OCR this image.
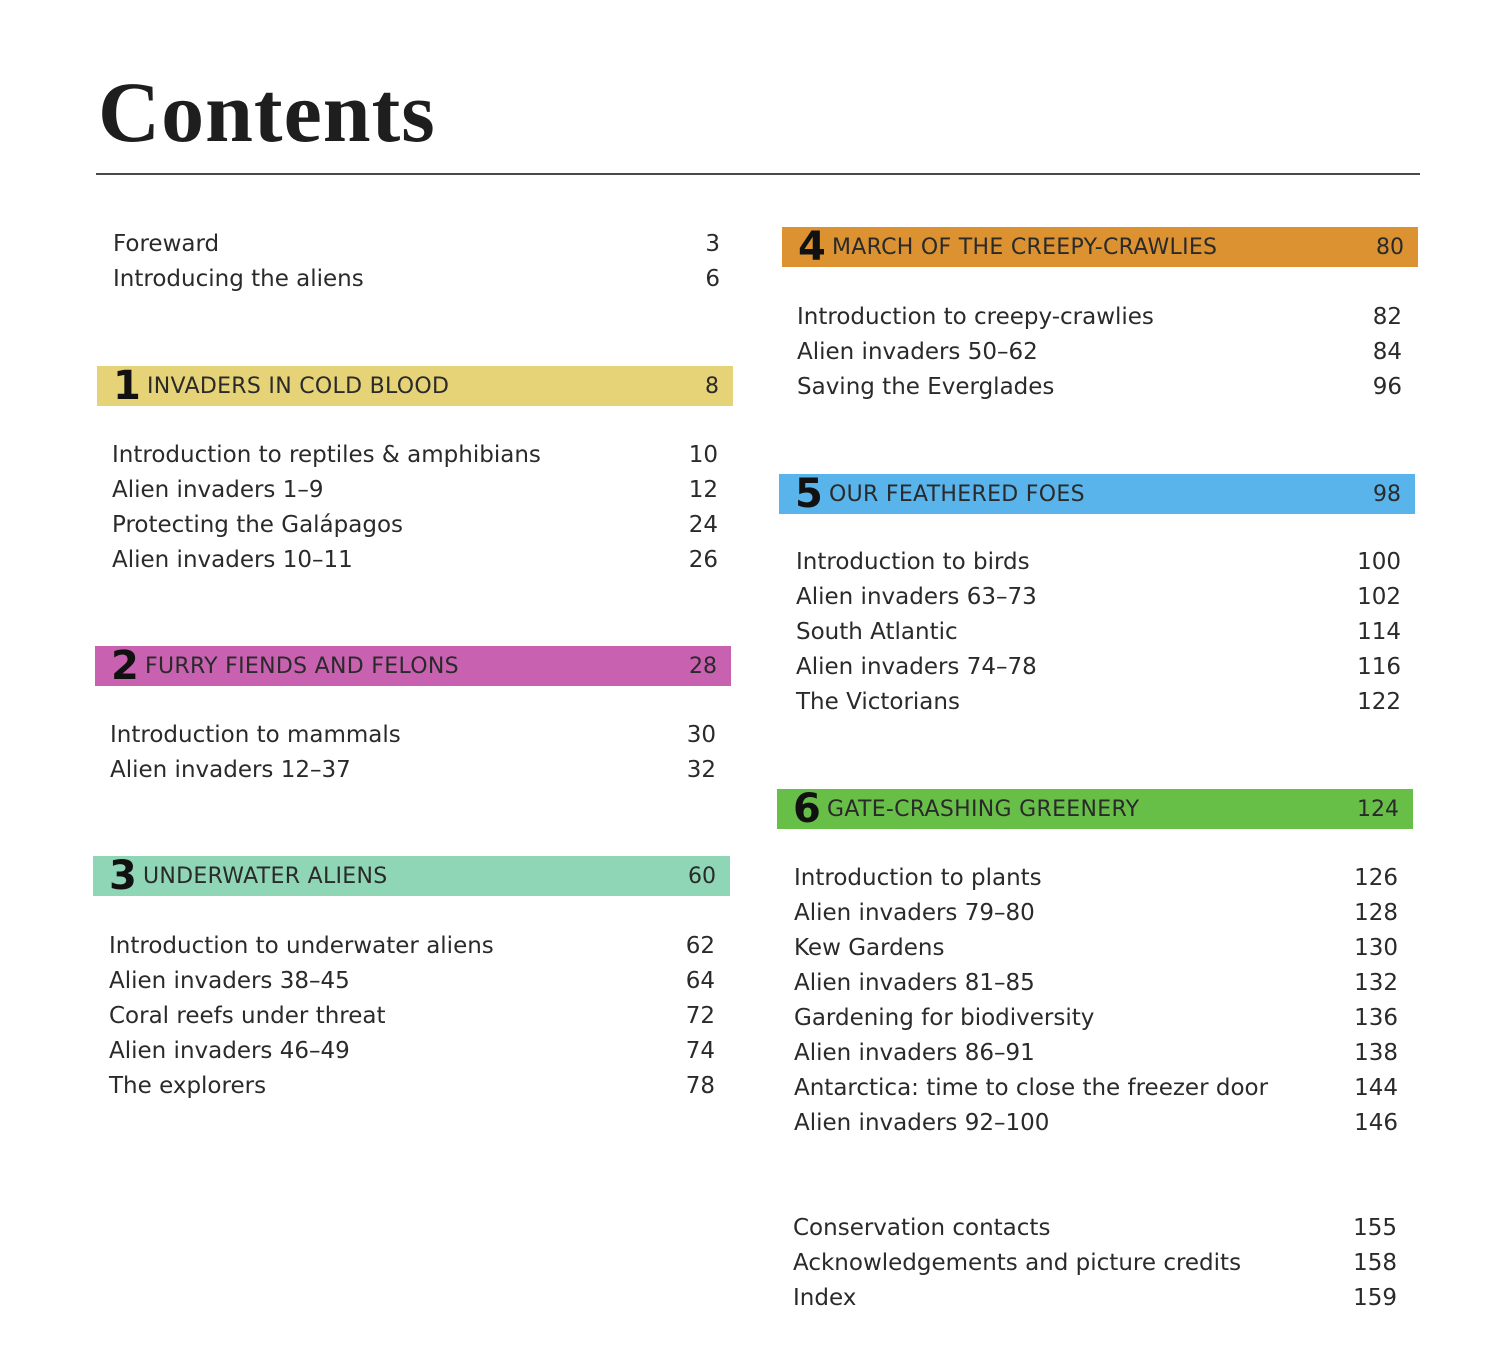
Contents
Foreward	3
Introducing the aliens	6
1 INVADERS IN COLD BLOOD	8
Introduction to reptiles & amphibians	10
Alien invaders 1–9	12
Protecting the Galápagos	24
Alien invaders 10–11	26
2 FURRY FIENDS AND FELONS	28
Introduction to mammals	30
Alien invaders 12–37	32
3 UNDERWATER ALIENS	60
Introduction to underwater aliens	62
Alien invaders 38–45	64
Coral reefs under threat	72
Alien invaders 46–49	74
The explorers	78
4 MARCH OF THE CREEPY-CRAWLIES	80
Introduction to creepy-crawlies	82
Alien invaders 50–62	84
Saving the Everglades	96
5 OUR FEATHERED FOES	98
Introduction to birds	100
Alien invaders 63–73	102
South Atlantic	114
Alien invaders 74–78	116
The Victorians	122
6 GATE-CRASHING GREENERY	124
Introduction to plants	126
Alien invaders 79–80	128
Kew Gardens	130
Alien invaders 81–85	132
Gardening for biodiversity	136
Alien invaders 86–91	138
Antarctica: time to close the freezer door	144
Alien invaders 92–100	146
Conservation contacts	155
Acknowledgements and picture credits	158
Index	159
